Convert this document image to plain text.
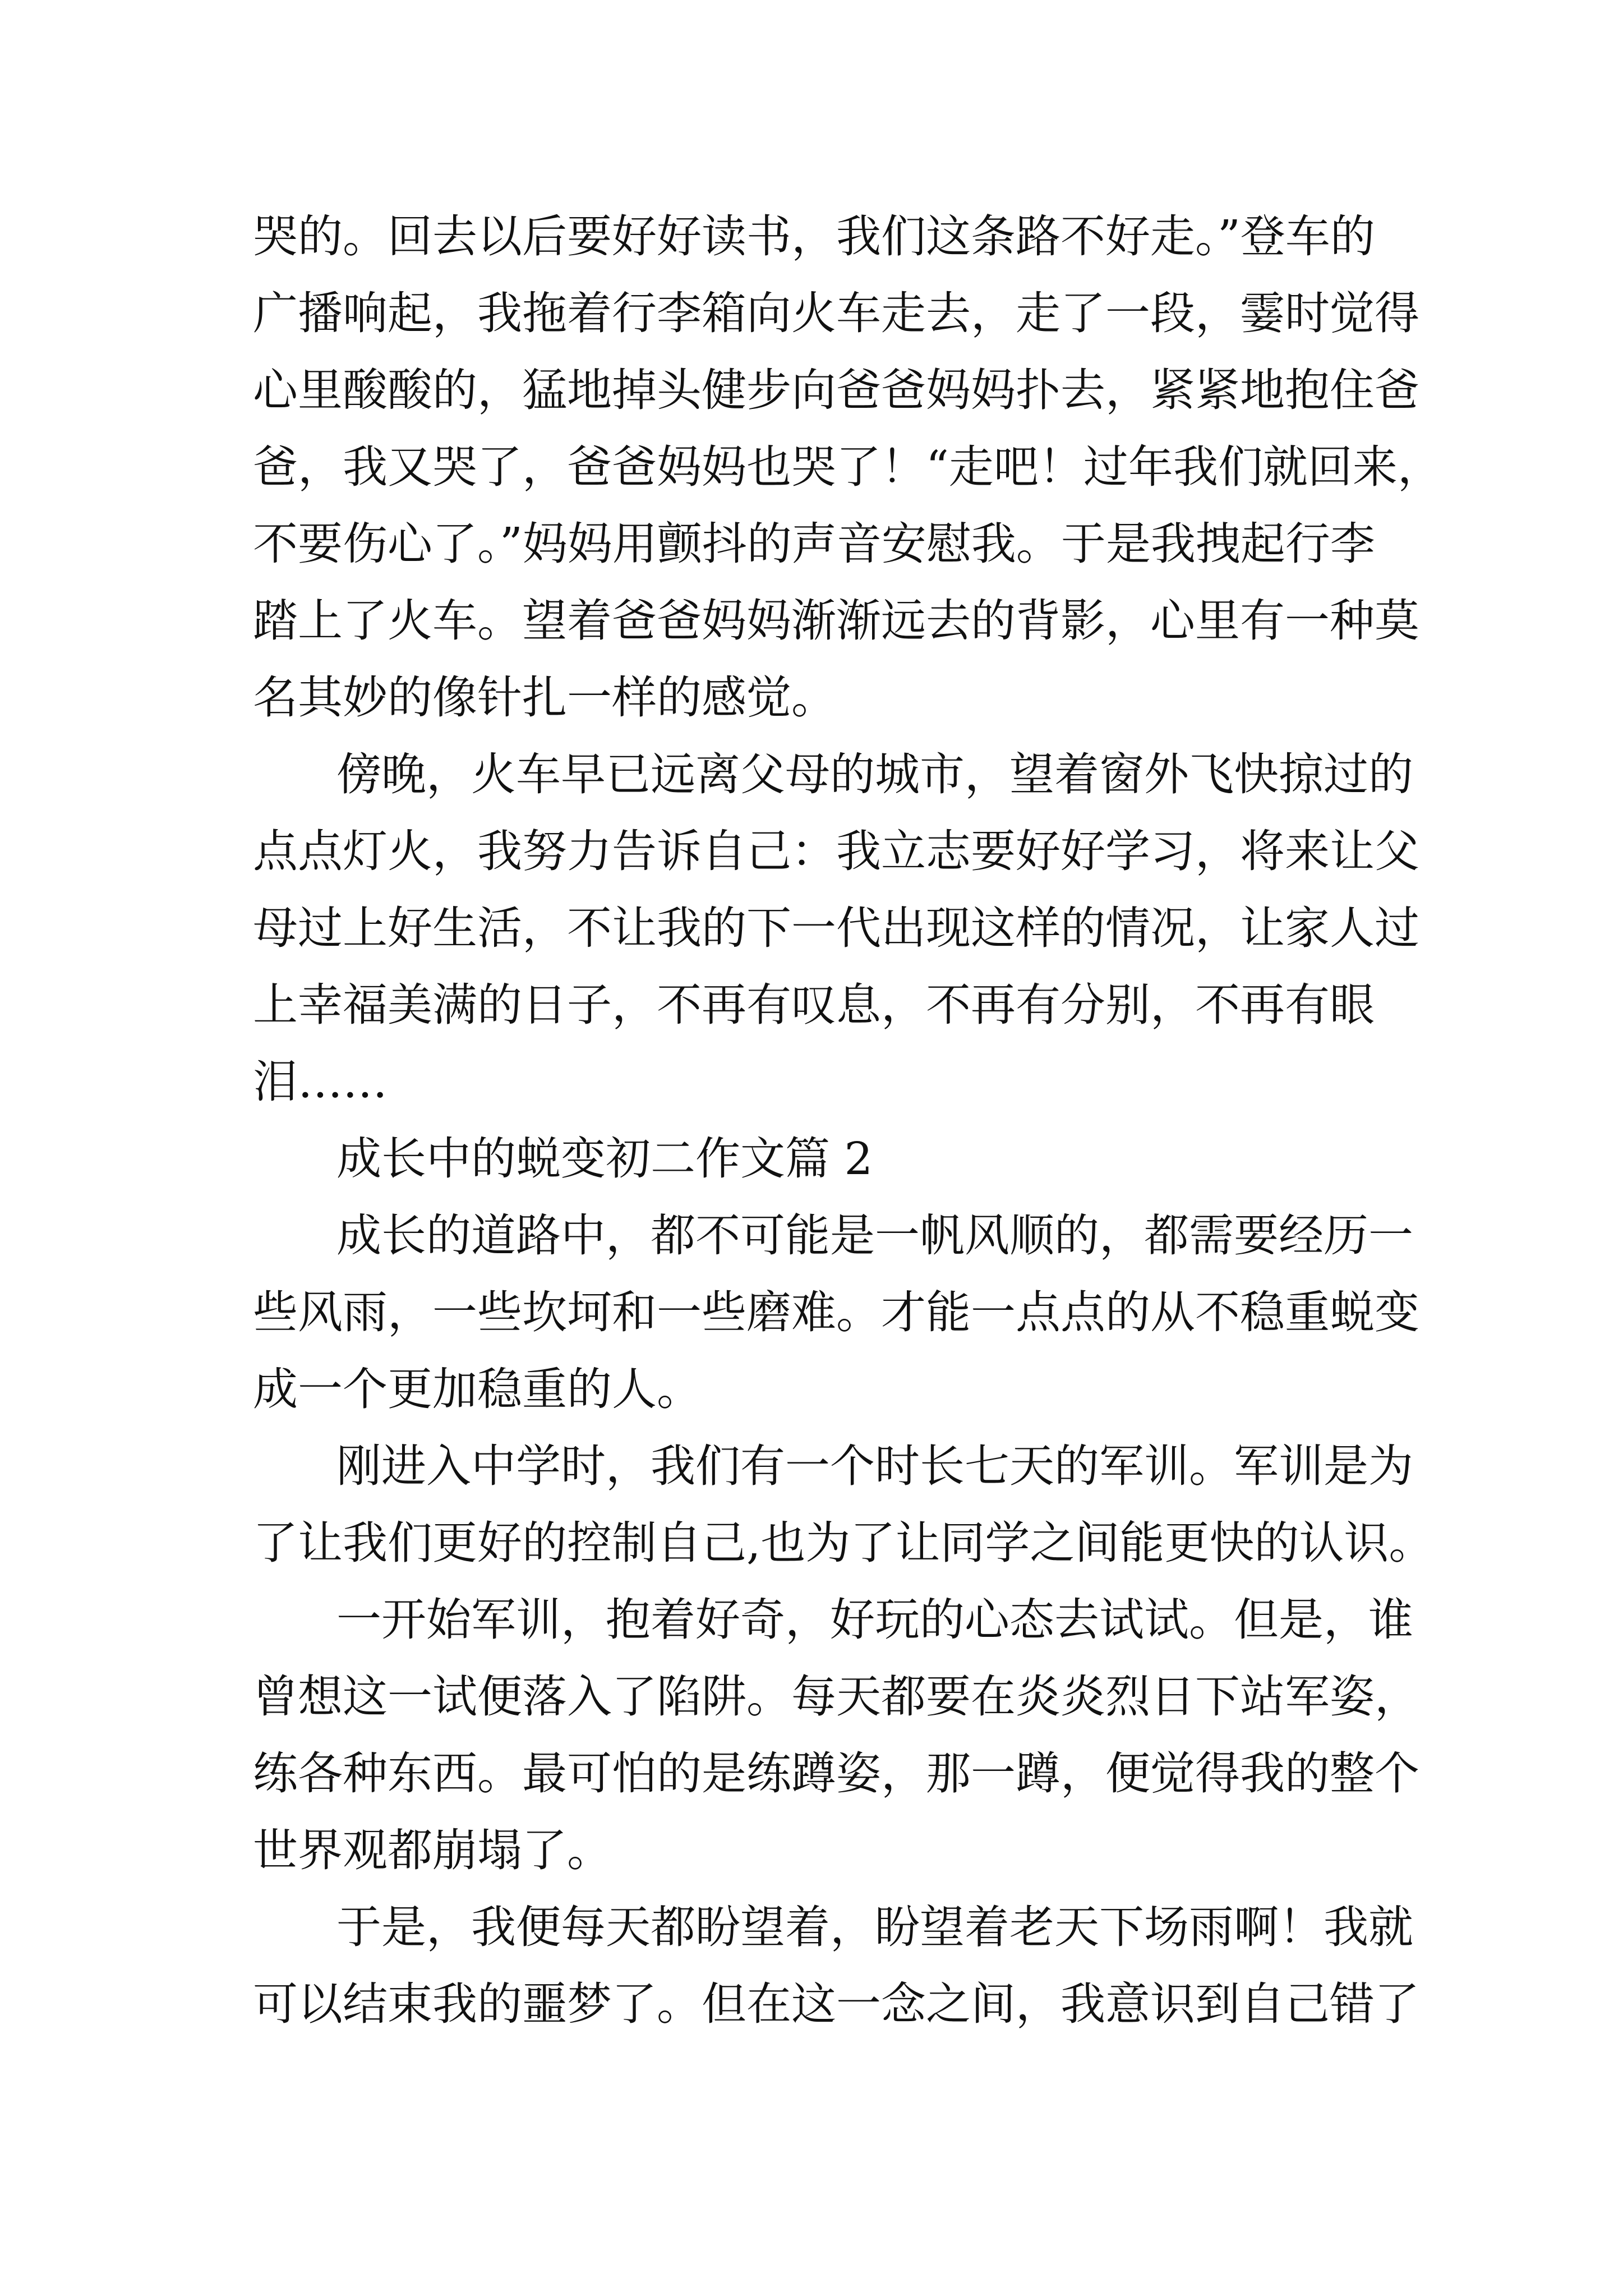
哭的。回去以后要好好读书，我们这条路不好走。”登车的
广播响起，我拖着行李箱向火车走去，走了一段，霎时觉得
心里酸酸的，猛地掉头健步向爸爸妈妈扑去，紧紧地抱住爸
爸，我又哭了，爸爸妈妈也哭了！“走吧！过年我们就回来，
不要伤心了。”妈妈用颤抖的声音安慰我。于是我拽起行李
踏上了火车。望着爸爸妈妈渐渐远去的背影，心里有一种莫
名其妙的像针扎一样的感觉。
傍晚，火车早已远离父母的城市，望着窗外飞快掠过的
点点灯火，我努力告诉自己：我立志要好好学习，将来让父
母过上好生活，不让我的下一代出现这样的情况，让家人过
上幸福美满的日子，不再有叹息，不再有分别，不再有眼
泪……
成长中的蜕变初二作文篇 2
成长的道路中，都不可能是一帆风顺的，都需要经历一
些风雨，一些坎坷和一些磨难。才能一点点的从不稳重蜕变
成一个更加稳重的人。
刚进入中学时，我们有一个时长七天的军训。军训是为
了让我们更好的控制自己,也为了让同学之间能更快的认识。
一开始军训，抱着好奇，好玩的心态去试试。但是，谁
曾想这一试便落入了陷阱。每天都要在炎炎烈日下站军姿，
练各种东西。最可怕的是练蹲姿，那一蹲，便觉得我的整个
世界观都崩塌了。
于是，我便每天都盼望着，盼望着老天下场雨啊！我就
可以结束我的噩梦了。但在这一念之间，我意识到自己错了
